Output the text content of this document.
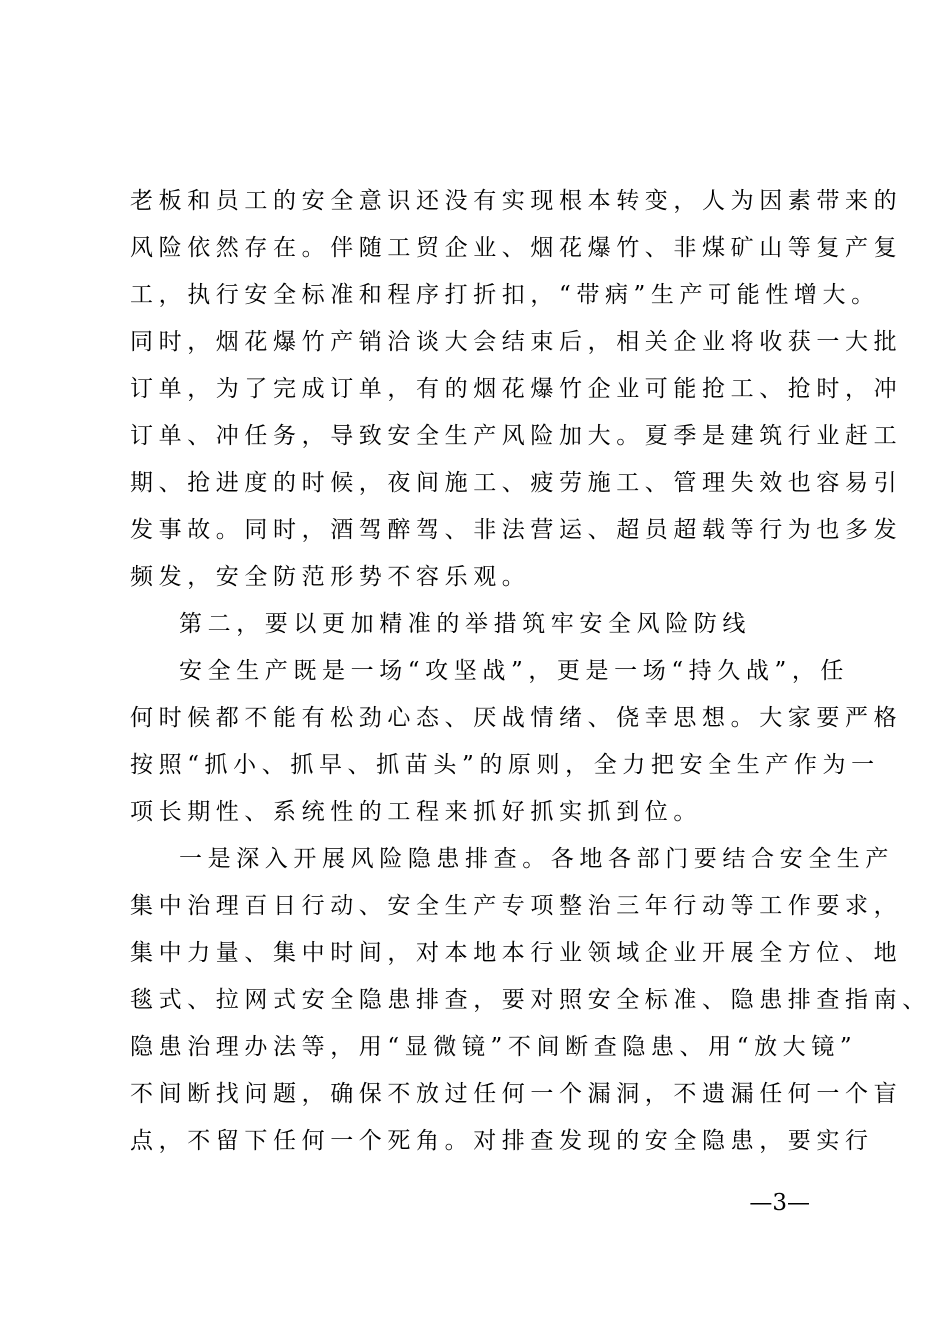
老板和员工的安全意识还没有实现根本转变，人为因素带来的
风险依然存在。伴随工贸企业、烟花爆竹、非煤矿山等复产复
工，执行安全标准和程序打折扣，“带病”生产可能性增大。
同时，烟花爆竹产销洽谈大会结束后，相关企业将收获一大批
订单，为了完成订单，有的烟花爆竹企业可能抢工、抢时，冲
订单、冲任务，导致安全生产风险加大。夏季是建筑行业赶工
期、抢进度的时候，夜间施工、疲劳施工、管理失效也容易引
发事故。同时，酒驾醉驾、非法营运、超员超载等行为也多发
频发，安全防范形势不容乐观。
第二，要以更加精准的举措筑牢安全风险防线
安全生产既是一场“攻坚战”，更是一场“持久战”，任
何时候都不能有松劲心态、厌战情绪、侥幸思想。大家要严格
按照“抓小、抓早、抓苗头”的原则，全力把安全生产作为一
项长期性、系统性的工程来抓好抓实抓到位。
一是深入开展风险隐患排查。各地各部门要结合安全生产
集中治理百日行动、安全生产专项整治三年行动等工作要求，
集中力量、集中时间，对本地本行业领域企业开展全方位、地
毯式、拉网式安全隐患排查，要对照安全标准、隐患排查指南、
隐患治理办法等，用“显微镜”不间断查隐患、用“放大镜”
不间断找问题，确保不放过任何一个漏洞，不遗漏任何一个盲
点，不留下任何一个死角。对排查发现的安全隐患，要实行
—3—
